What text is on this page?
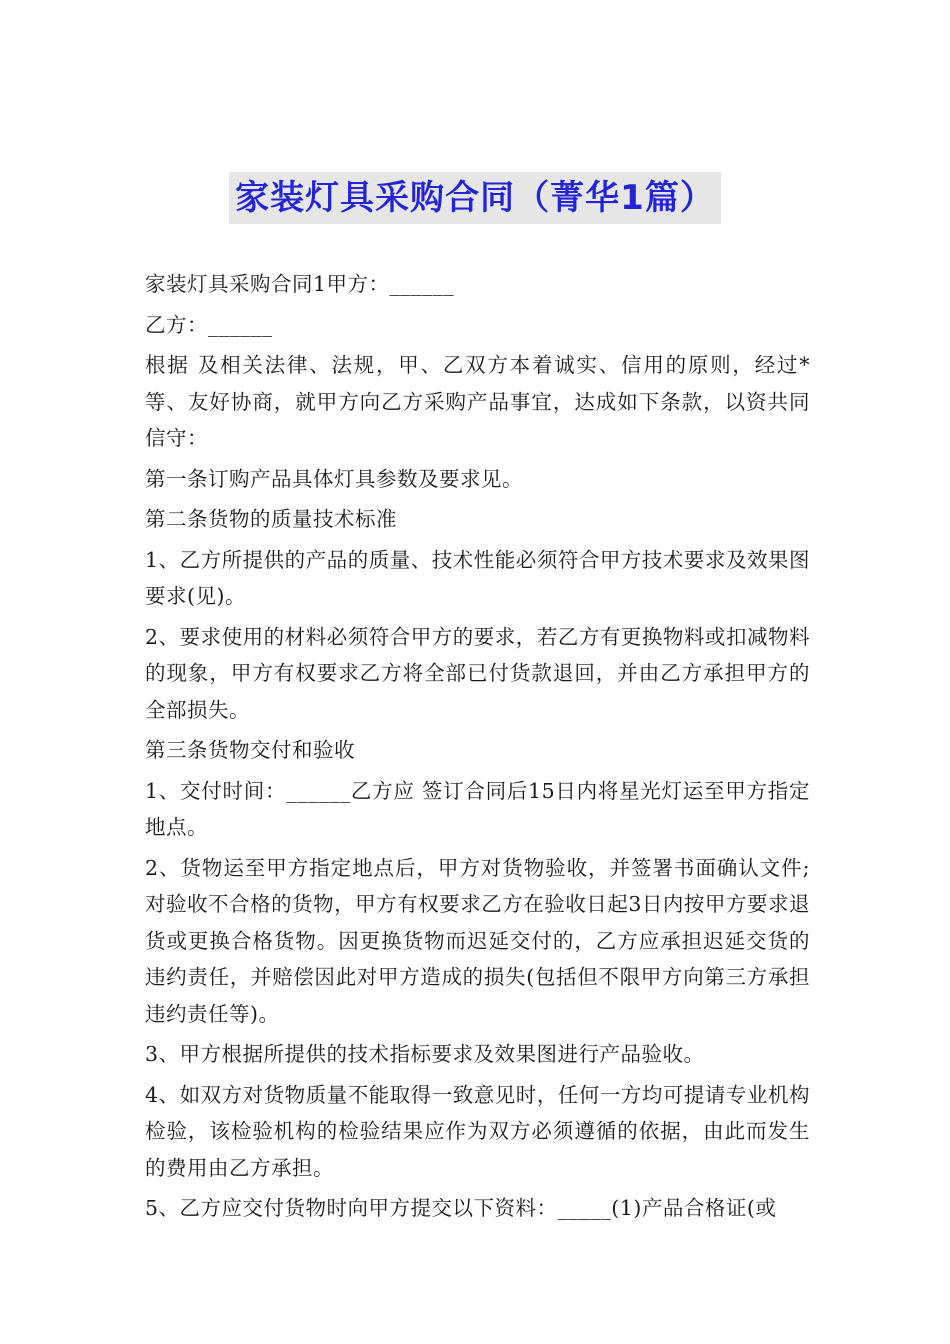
家装灯具采购合同（菁华1篇）

家装灯具采购合同1甲方：______

乙方：______

根据 及相关法律、法规，甲、乙双方本着诚实、信用的原则，经过*等、友好协商，就甲方向乙方采购产品事宜，达成如下条款，以资共同信守：

第一条订购产品具体灯具参数及要求见。

第二条货物的质量技术标准

1、乙方所提供的产品的质量、技术性能必须符合甲方技术要求及效果图要求(见)。

2、要求使用的材料必须符合甲方的要求，若乙方有更换物料或扣减物料的现象，甲方有权要求乙方将全部已付货款退回，并由乙方承担甲方的全部损失。

第三条货物交付和验收

1、交付时间：______乙方应 签订合同后15日内将星光灯运至甲方指定地点。

2、货物运至甲方指定地点后，甲方对货物验收，并签署书面确认文件;对验收不合格的货物，甲方有权要求乙方在验收日起3日内按甲方要求退货或更换合格货物。因更换货物而迟延交付的，乙方应承担迟延交货的违约责任，并赔偿因此对甲方造成的损失(包括但不限甲方向第三方承担违约责任等)。

3、甲方根据所提供的技术指标要求及效果图进行产品验收。

4、如双方对货物质量不能取得一致意见时，任何一方均可提请专业机构检验，该检验机构的检验结果应作为双方必须遵循的依据，由此而发生的费用由乙方承担。

5、乙方应交付货物时向甲方提交以下资料：_____(1)产品合格证(或
